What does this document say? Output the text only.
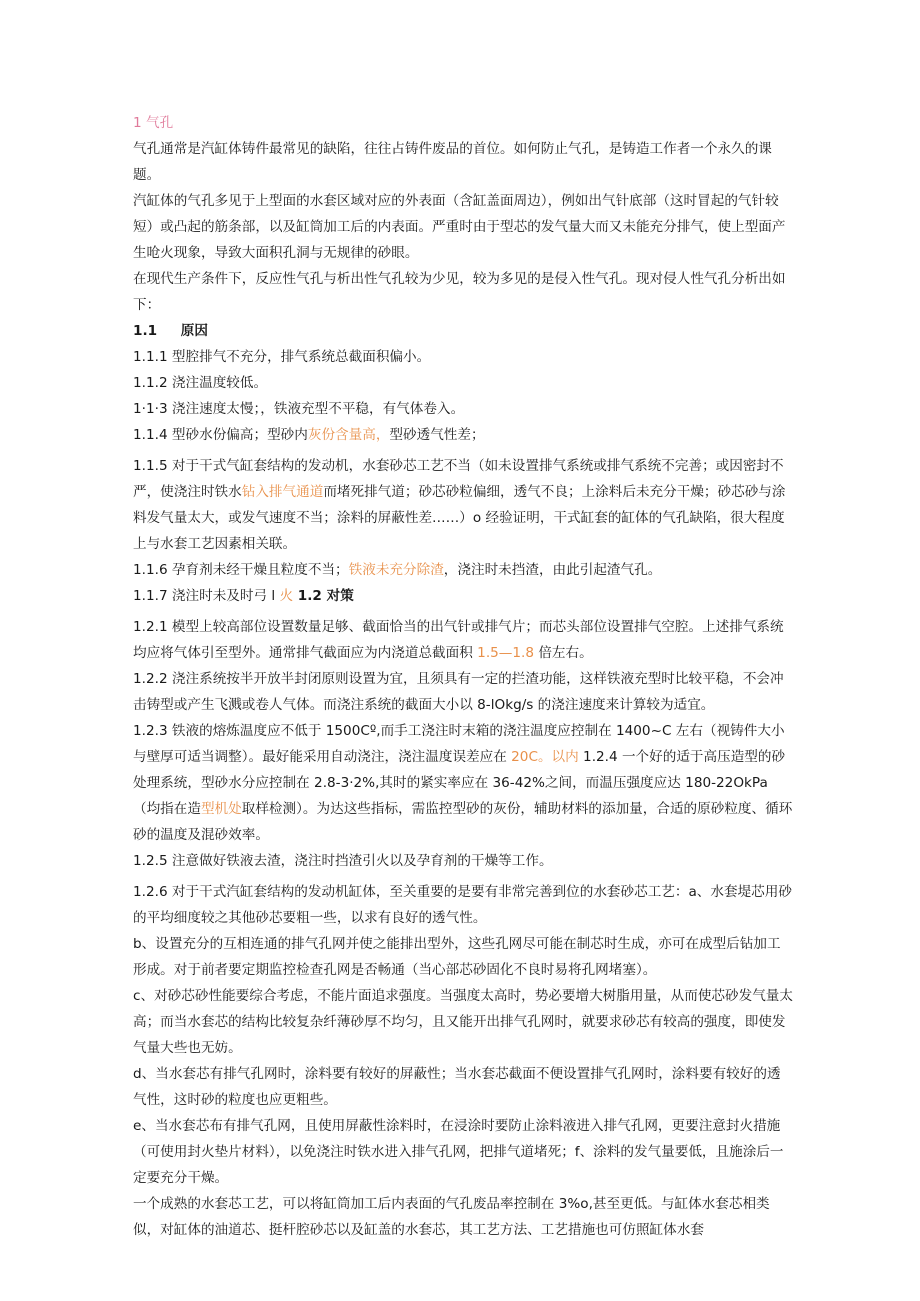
1 气孔

气孔通常是汽缸体铸件最常见的缺陷，往往占铸件废品的首位。如何防止气孔，是铸造工作者一个永久的课题。

汽缸体的气孔多见于上型面的水套区域对应的外表面（含缸盖面周边），例如出气针底部（这时冒起的气针较短）或凸起的筋条部，以及缸筒加工后的内表面。严重时由于型芯的发气量大而又未能充分排气，使上型面产生呛火现象，导致大面积孔洞与无规律的砂眼。

在现代生产条件下，反应性气孔与析出性气孔较为少见，较为多见的是侵入性气孔。现对侵人性气孔分析出如下：

1.1 原因

1.1.1 型腔排气不充分，排气系统总截面积偏小。

1.1.2 浇注温度较低。

1·1·3 浇注速度太慢；，铁液充型不平稳，有气体卷入。

1.1.4 型砂水份偏高；型砂内灰份含量高，型砂透气性差；

1.1.5 对于干式气缸套结构的发动机，水套砂芯工艺不当（如未设置排气系统或排气系统不完善；或因密封不严，使浇注时铁水钻入排气通道而堵死排气道；砂芯砂粒偏细，透气不良；上涂料后未充分干燥；砂芯砂与涂料发气量太大，或发气速度不当；涂料的屏蔽性差……）o 经验证明，干式缸套的缸体的气孔缺陷，很大程度上与水套工艺因素相关联。

1.1.6 孕育剂未经干燥且粒度不当；铁液未充分除渣，浇注时未挡渣，由此引起渣气孔。

1.1.7 浇注时未及时弓 l 火 1.2 对策

1.2.1 模型上较高部位设置数量足够、截面恰当的出气针或排气片；而芯头部位设置排气空腔。上述排气系统均应将气体引至型外。通常排气截面应为内浇道总截面积 1.5—1.8 倍左右。

1.2.2 浇注系统按半开放半封闭原则设置为宜，且须具有一定的拦渣功能，这样铁液充型时比较平稳，不会冲击铸型或产生飞溅或卷人气体。而浇注系统的截面大小以 8-lOkg/s 的浇注速度来计算较为适宜。

1.2.3 铁液的熔炼温度应不低于 1500Cº,而手工浇注时末箱的浇注温度应控制在 1400~C 左右（视铸件大小与壁厚可适当调整）。最好能采用自动浇注，浇注温度误差应在 20C。以内 1.2.4 一个好的适于高压造型的砂处理系统，型砂水分应控制在 2.8-3·2%,其时的紧实率应在 36-42%之间，而温压强度应达 180-22OkPa（均指在造型机处取样检测）。为达这些指标，需监控型砂的灰份，辅助材料的添加量，合适的原砂粒度、循环砂的温度及混砂效率。

1.2.5 注意做好铁液去渣，浇注时挡渣引火以及孕育剂的干燥等工作。

1.2.6 对于干式汽缸套结构的发动机缸体，至关重要的是要有非常完善到位的水套砂芯工艺：a、水套堤芯用砂的平均细度较之其他砂芯要粗一些，以求有良好的透气性。

b、设置充分的互相连通的排气孔网并使之能排出型外，这些孔网尽可能在制芯时生成，亦可在成型后钻加工形成。对于前者要定期监控检查孔网是否畅通（当心部芯砂固化不良时易将孔网堵塞）。

c、对砂芯砂性能要综合考虑，不能片面追求强度。当强度太高时，势必要增大树脂用量，从而使芯砂发气量太高；而当水套芯的结构比较复杂纤薄砂厚不均匀，且又能开出排气孔网时，就要求砂芯有较高的强度，即使发气量大些也无妨。

d、当水套芯有排气孔网时，涂料要有较好的屏蔽性；当水套芯截面不便设置排气孔网时，涂料要有较好的透气性，这时砂的粒度也应更粗些。

e、当水套芯布有排气孔网，且使用屏蔽性涂料时，在浸涂时要防止涂料液进入排气孔网，更要注意封火措施（可使用封火垫片材料），以免浇注时铁水进入排气孔网，把排气道堵死；f、涂料的发气量要低，且施涂后一定要充分干燥。

一个成熟的水套芯工艺，可以将缸筒加工后内表面的气孔废品率控制在 3%o,甚至更低。与缸体水套芯相类似，对缸体的油道芯、挺杆腔砂芯以及缸盖的水套芯，其工艺方法、工艺措施也可仿照缸体水套
